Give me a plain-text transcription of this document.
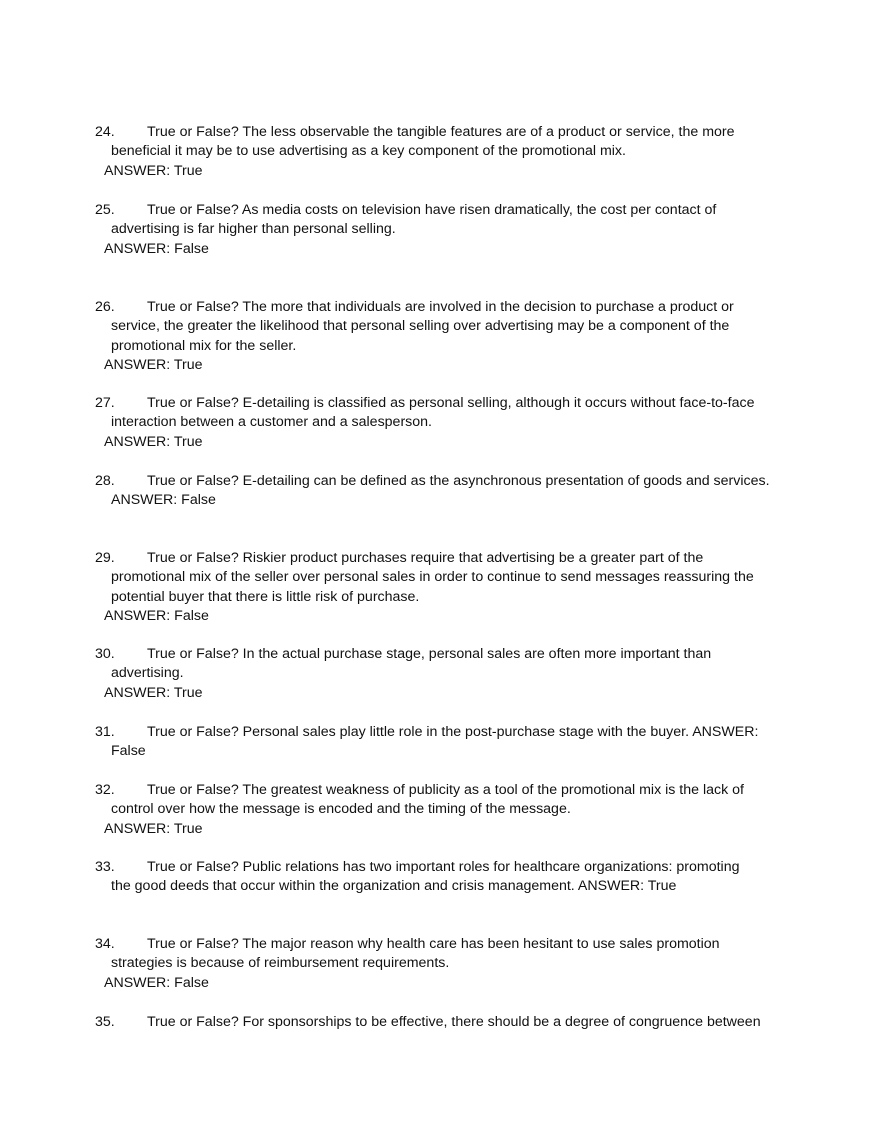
24. True or False? The less observable the tangible features are of a product or service, the more
beneficial it may be to use advertising as a key component of the promotional mix.
ANSWER: True
25. True or False? As media costs on television have risen dramatically, the cost per contact of
advertising is far higher than personal selling.
ANSWER: False
26. True or False? The more that individuals are involved in the decision to purchase a product or
service, the greater the likelihood that personal selling over advertising may be a component of the
promotional mix for the seller.
ANSWER: True
27. True or False? E-detailing is classified as personal selling, although it occurs without face-to-face
interaction between a customer and a salesperson.
ANSWER: True
28. True or False? E-detailing can be defined as the asynchronous presentation of goods and services.
ANSWER: False
29. True or False? Riskier product purchases require that advertising be a greater part of the
promotional mix of the seller over personal sales in order to continue to send messages reassuring the
potential buyer that there is little risk of purchase.
ANSWER: False
30. True or False? In the actual purchase stage, personal sales are often more important than
advertising.
ANSWER: True
31. True or False? Personal sales play little role in the post-purchase stage with the buyer. ANSWER:
False
32. True or False? The greatest weakness of publicity as a tool of the promotional mix is the lack of
control over how the message is encoded and the timing of the message.
ANSWER: True
33. True or False? Public relations has two important roles for healthcare organizations: promoting
the good deeds that occur within the organization and crisis management. ANSWER: True
34. True or False? The major reason why health care has been hesitant to use sales promotion
strategies is because of reimbursement requirements.
ANSWER: False
35. True or False? For sponsorships to be effective, there should be a degree of congruence between
